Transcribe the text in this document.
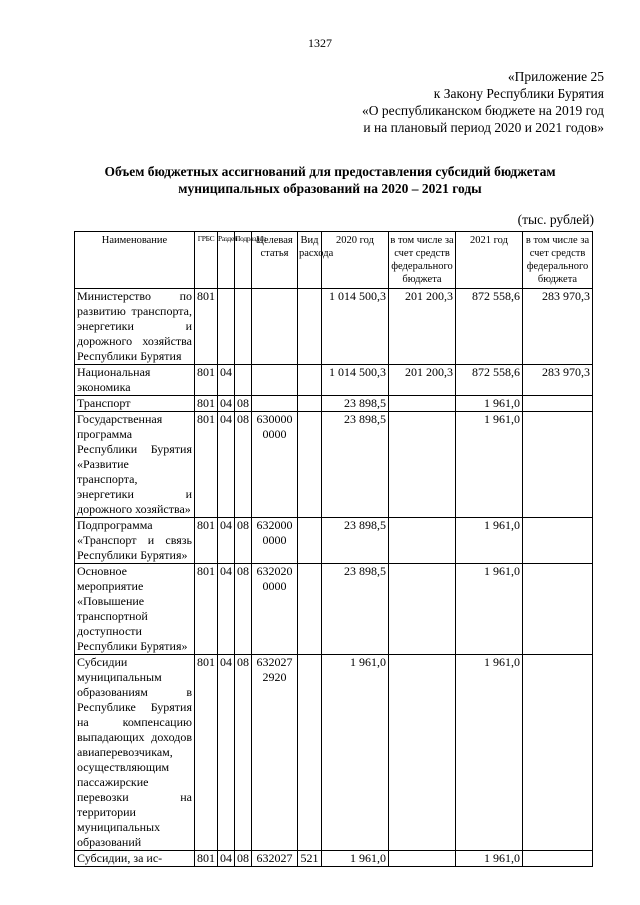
1327
«Приложение 25
к Закону Республики Бурятия
«О республиканском бюджете на 2019 год
и на плановый период 2020 и 2021 годов»
Объем бюджетных ассигнований для предоставления субсидий бюджетам
муниципальных образований на 2020 – 2021 годы
(тыс. рублей)
Наименование	ГРБС	Раздел	Подраздел	Целевая статья	Вид расхода	2020 год	в том числе за счет средств федерального бюджета	2021 год	в том числе за счет средств федерального бюджета
Министерство по развитию транспорта, энергетики и дорожного хозяйства Республики Бурятия	801					1 014 500,3	201 200,3	872 558,6	283 970,3
Национальная экономика	801	04				1 014 500,3	201 200,3	872 558,6	283 970,3
Транспорт	801	04	08			23 898,5		1 961,0	
Государственная программа Республики Бурятия «Развитие транспорта, энергетики и дорожного хозяйства»	801	04	08	630000 0000		23 898,5		1 961,0	
Подпрограмма «Транспорт и связь Республики Бурятия»	801	04	08	632000 0000		23 898,5		1 961,0	
Основное мероприятие «Повышение транспортной доступности Республики Бурятия»	801	04	08	632020 0000		23 898,5		1 961,0	
Субсидии муниципальным образованиям в Республике Бурятия на компенсацию выпадающих доходов авиаперевозчикам, осуществляющим пассажирские перевозки на территории муниципальных образований	801	04	08	632027 2920		1 961,0		1 961,0	
Субсидии, за ис-	801	04	08	632027	521	1 961,0		1 961,0	
